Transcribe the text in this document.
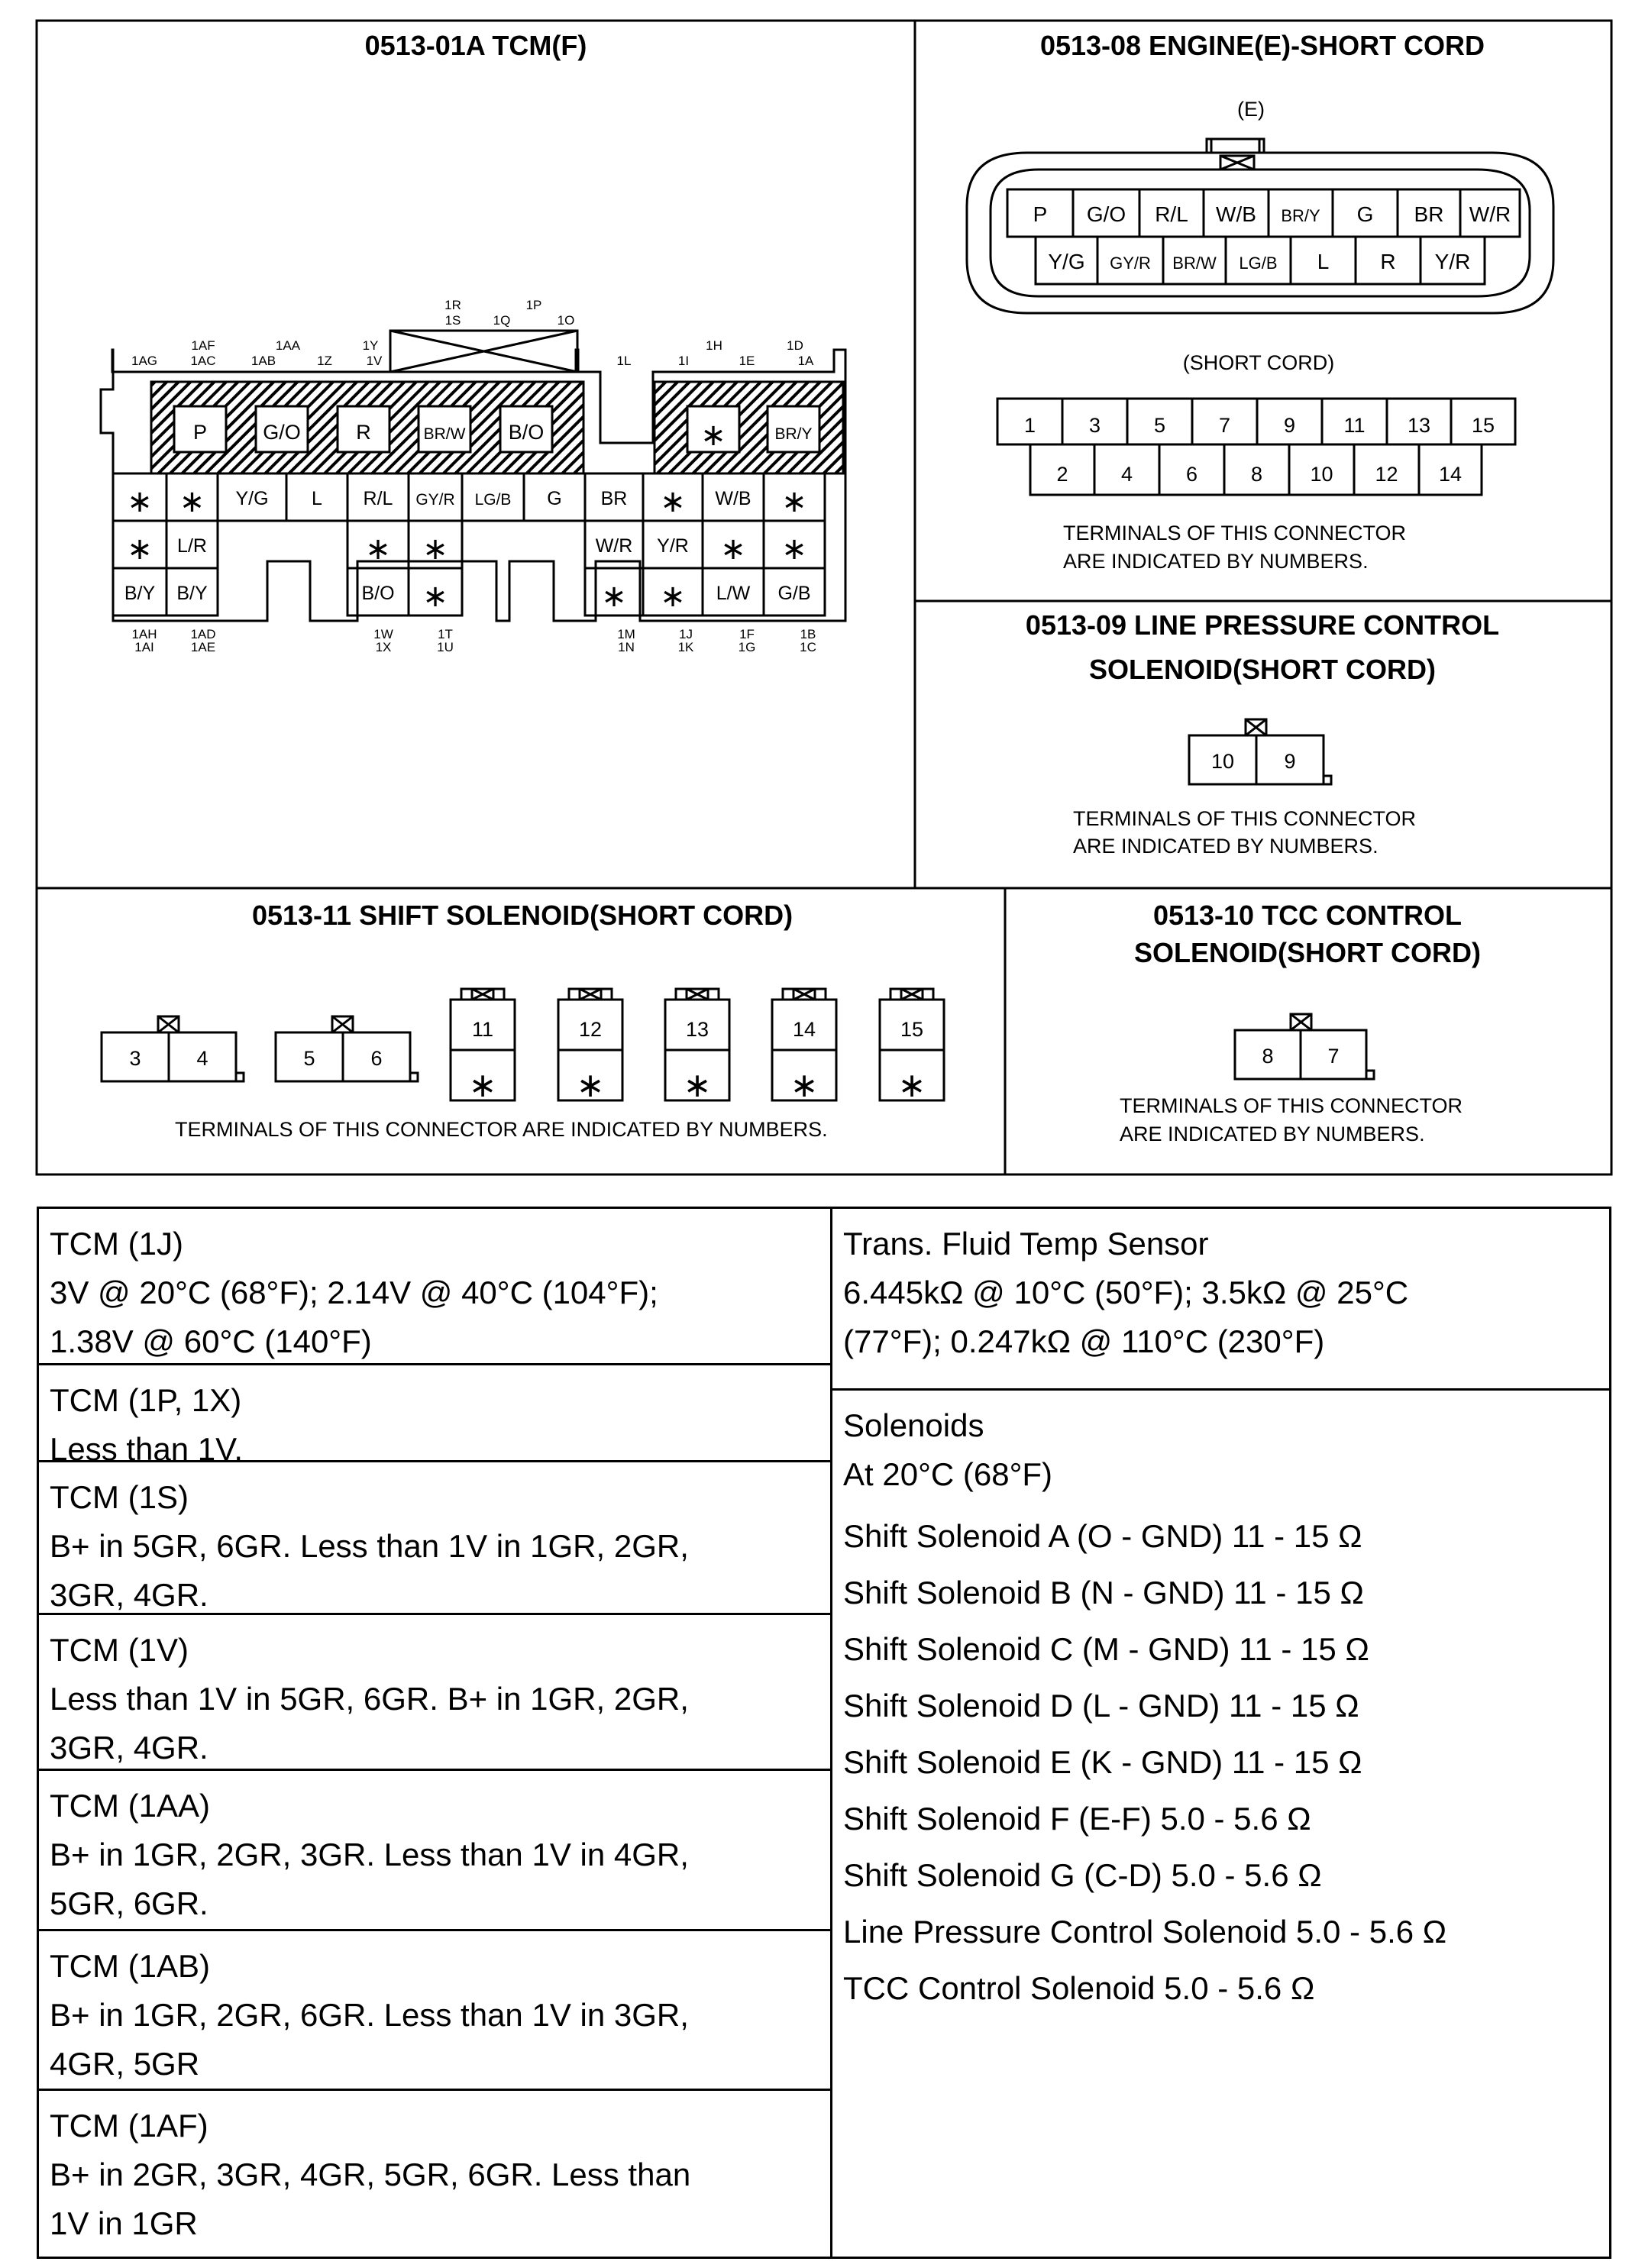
0513-01A TCM(F)	0513-08 ENGINE(E)-SHORT CORD
0513-09 LINE PRESSURE CONTROL
SOLENOID(SHORT CORD)
0513-11 SHIFT SOLENOID(SHORT CORD)	0513-10 TCC CONTROL
SOLENOID(SHORT CORD)
(E)
(SHORT CORD)
TERMINALS OF THIS CONNECTOR
ARE INDICATED BY NUMBERS.
TERMINALS OF THIS CONNECTOR
ARE INDICATED BY NUMBERS.
TERMINALS OF THIS CONNECTOR ARE INDICATED BY NUMBERS.
TERMINALS OF THIS CONNECTOR
ARE INDICATED BY NUMBERS.
P	G/O	R	BR/W B/O	∗	BR/Y
∗ ∗ Y/G L R/L GY/R LG/B G BR ∗ W/B ∗
∗ L/R	∗ ∗	W/R Y/R ∗ ∗
B/Y B/Y	B/O ∗	∗ ∗ L/W G/B
1R
1S 1Q
1P
1O
1AG
1AF
1AC
1AA
1AB	1Z
1Y
1V	1L
1H
1I	1E
1D
1A
1AH
1AI
1AD
1AE
1W
1X
1T
1U
1M
1N
1J
1K
1F
1G
1B
1C
P G/O R/L W/B BR/Y G BR W/R
Y/G GY/R BR/W LG/B L R Y/R
1	3	5	7	9 11 13 15
2	4	6	8 10 12 14
10 9
8	7
3	4	5	6
11
∗
12
∗
13
∗
14
∗
15
∗
TCM (1J)
3V @ 20°C (68°F); 2.14V @ 40°C (104°F);
1.38V @ 60°C (140°F)
TCM (1P, 1X)
Less than 1V.
TCM (1S)
B+ in 5GR, 6GR. Less than 1V in 1GR, 2GR,
3GR, 4GR.
TCM (1V)
Less than 1V in 5GR, 6GR. B+ in 1GR, 2GR,
3GR, 4GR.
TCM (1AA)
B+ in 1GR, 2GR, 3GR. Less than 1V in 4GR,
5GR, 6GR.
TCM (1AB)
B+ in 1GR, 2GR, 6GR. Less than 1V in 3GR,
4GR, 5GR
TCM (1AF)
B+ in 2GR, 3GR, 4GR, 5GR, 6GR. Less than
1V in 1GR
Trans. Fluid Temp Sensor
6.445kΩ @ 10°C (50°F); 3.5kΩ @ 25°C
(77°F); 0.247kΩ @ 110°C (230°F)
Solenoids
At 20°C (68°F)
Shift Solenoid A (O - GND) 11 - 15 Ω
Shift Solenoid B (N - GND) 11 - 15 Ω
Shift Solenoid C (M - GND) 11 - 15 Ω
Shift Solenoid D (L - GND) 11 - 15 Ω
Shift Solenoid E (K - GND) 11 - 15 Ω
Shift Solenoid F (E-F) 5.0 - 5.6 Ω
Shift Solenoid G (C-D) 5.0 - 5.6 Ω
Line Pressure Control Solenoid 5.0 - 5.6 Ω
TCC Control Solenoid 5.0 - 5.6 Ω
